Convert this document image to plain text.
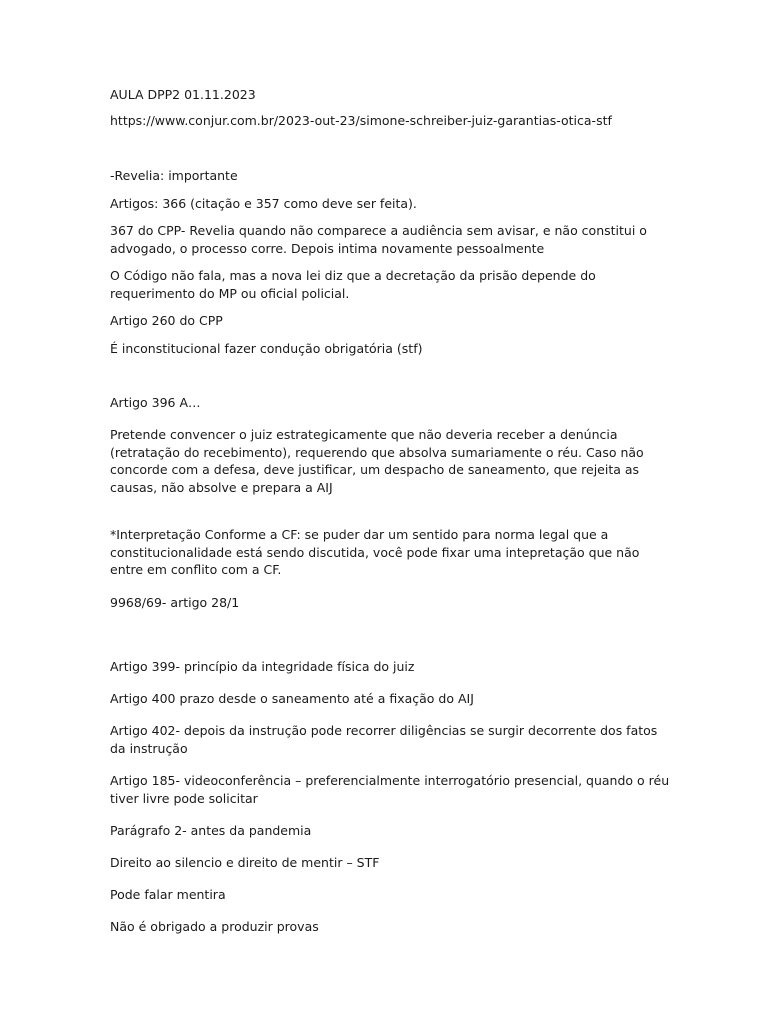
AULA DPP2 01.11.2023

https://www.conjur.com.br/2023-out-23/simone-schreiber-juiz-garantias-otica-stf

-Revelia: importante

Artigos: 366 (citação e 357 como deve ser feita).

367 do CPP- Revelia quando não comparece a audiência sem avisar, e não constitui o advogado, o processo corre. Depois intima novamente pessoalmente

O Código não fala, mas a nova lei diz que a decretação da prisão depende do requerimento do MP ou oficial policial.

Artigo 260 do CPP

É inconstitucional fazer condução obrigatória (stf)

Artigo 396 A…

Pretende convencer o juiz estrategicamente que não deveria receber a denúncia (retratação do recebimento), requerendo que absolva sumariamente o réu. Caso não concorde com a defesa, deve justificar, um despacho de saneamento, que rejeita as causas, não absolve e prepara a AIJ

*Interpretação Conforme a CF: se puder dar um sentido para norma legal que a constitucionalidade está sendo discutida, você pode fixar uma intepretação que não entre em conflito com a CF.

9968/69- artigo 28/1

Artigo 399- princípio da integridade física do juiz

Artigo 400 prazo desde o saneamento até a fixação do AIJ

Artigo 402- depois da instrução pode recorrer diligências se surgir decorrente dos fatos da instrução

Artigo 185- videoconferência – preferencialmente interrogatório presencial, quando o réu tiver livre pode solicitar

Parágrafo 2- antes da pandemia

Direito ao silencio e direito de mentir – STF

Pode falar mentira

Não é obrigado a produzir provas
